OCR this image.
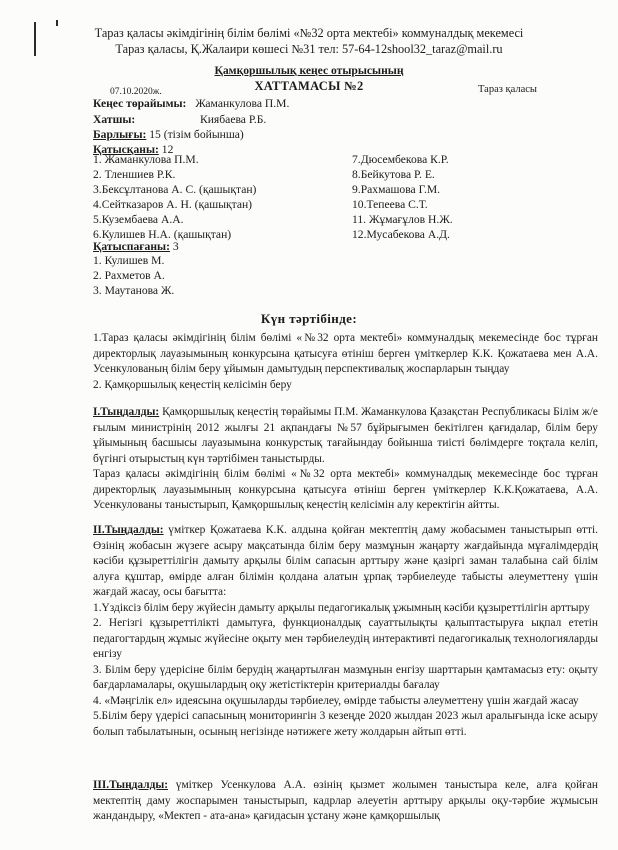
Тараз қаласы әкімдігінің білім бөлімі «№32 орта мектебі» коммуналдық мекемесі
Тараз қаласы, Қ.Жалаири көшесі №31 тел: 57-64-12shool32_taraz@mail.ru
Қамқоршылық кеңес отырысының
ХАТТАМАСЫ №2
07.10.2020ж.	Тараз қаласы
Кеңес төрайымы: Жаманкулова П.М.
Хатшы:	Киябаева Р.Б.
Барлығы: 15 (тізім бойынша)
Қатысқаны: 12
1. Жаманкулова П.М.
2. Тленшиев Р.К.
3.Бексұлтанова А. С. (қашықтан)
4.Сейтказаров А. Н. (қашықтан)
5.Кузембаева А.А.
6.Кулишев Н.А. (қашықтан)
7.Дюсембекова К.Р.
8.Бейкутова Р. Е.
9.Рахмашова Г.М.
10.Тепеева С.Т.
11. Жұмағұлов Н.Ж.
12.Мусабекова А.Д.
Қатыспағаны: 3
1. Кулишев М.
2. Рахметов А.
3. Маутанова Ж.
Күн тәртібінде:

1.Тараз қаласы әкімдігінің білім бөлімі «№32 орта мектебі» коммуналдық мекемесінде бос тұрған директорлық лауазымының конкурсына қатысуға өтініш берген үміткерлер К.К. Қожатаева мен А.А. Усенкулованың білім беру ұйымын дамытудың перспективалық жоспарларын тыңдау

2. Қамқоршылық кеңестің келісімін беру

І.Тыңдалды: Қамқоршылық кеңестің төрайымы П.М. Жаманкулова Қазақстан Республикасы Білім ж/е ғылым министрінің 2012 жылғы 21 ақпандағы №57 бұйрығымен бекітілген қағидалар, білім беру ұйымының басшысы лауазымына конкурстық тағайындау бойынша тиісті бөлімдерге тоқтала келіп, бүгінгі отырыстың күн тәртібімен таныстырды.

Тараз қаласы әкімдігінің білім бөлімі «№32 орта мектебі» коммуналдық мекемесінде бос тұрған директорлық лауазымының конкурсына қатысуға өтініш берген үміткерлер К.К.Қожатаева, А.А. Усенкулованы таныстырып, Қамқоршылық кеңестің келісімін алу керектігін айтты.

ІІ.Тыңдалды: үміткер Қожатаева К.К. алдына қойған мектептің даму жобасымен таныстырып өтті. Өзінің жобасын жүзеге асыру мақсатында білім беру мазмұнын жаңарту жағдайында мұғалімдердің кәсіби құзыреттілігін дамыту арқылы білім сапасын арттыру және қазіргі заман талабына сай білім алуға құштар, өмірде алған білімін қолдана алатын ұрпақ тәрбиелеуде табысты әлеуметтену үшін жағдай жасау, осы бағытта:

1.Үздіксіз білім беру жүйесін дамыту арқылы педагогикалық ұжымның кәсіби құзыреттілігін арттыру

2. Негізгі құзыреттілікті дамытуға, функционалдық сауаттылықты қалыптастыруға ықпал ететін педагогтардың жұмыс жүйесіне оқыту мен тәрбиелеудің интерактивті педагогикалық технологияларды енгізу

3. Білім беру үдерісіне білім берудің жаңартылған мазмұнын енгізу шарттарын қамтамасыз ету: оқыту бағдарламалары, оқушылардың оқу жетістіктерін критериалды бағалау

4. «Мәңгілік ел» идеясына оқушыларды тәрбиелеу, өмірде табысты әлеуметтену үшін жағдай жасау

5.Білім беру үдерісі сапасының мониторингін 3 кезеңде 2020 жылдан 2023 жыл аралығында іске асыру болып табылатынын, осының негізінде нәтижеге жету жолдарын айтып өтті.

ІІІ.Тыңдалды: үміткер Усенкулова А.А. өзінің қызмет жолымен таныстыра келе, алға қойған мектептің даму жоспарымен таныстырып, кадрлар әлеуетін арттыру арқылы оқу-тәрбие жұмысын жандандыру, «Мектеп - ата-ана» қағидасын ұстану және қамқоршылық
